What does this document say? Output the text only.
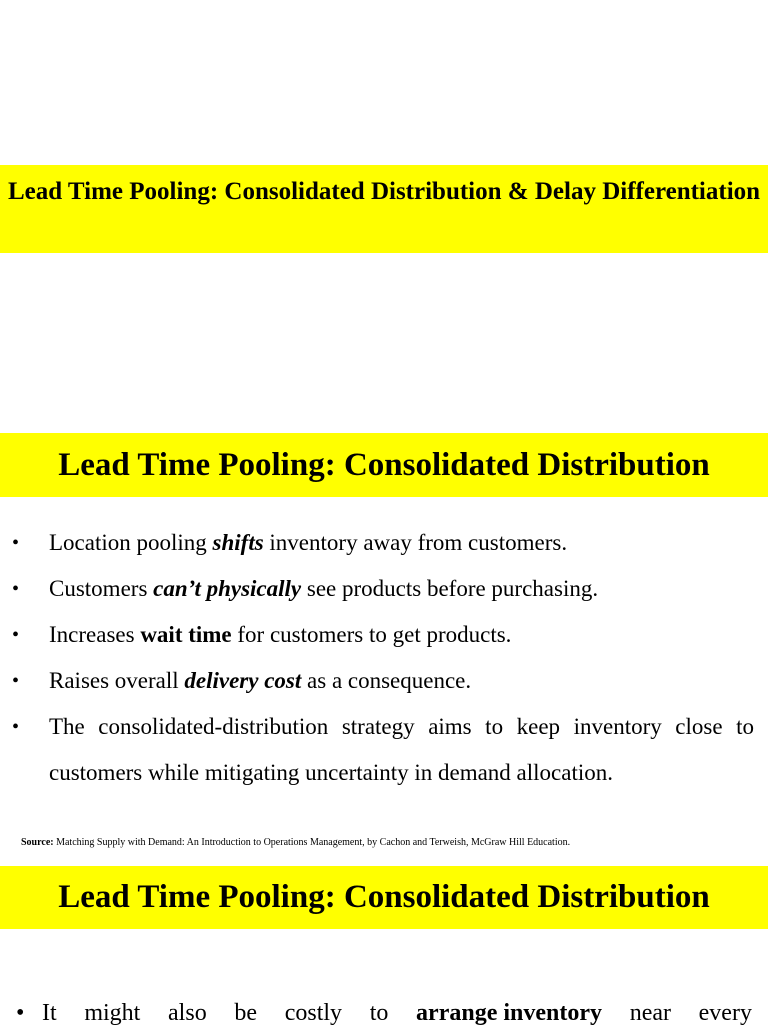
Lead Time Pooling: Consolidated Distribution & Delay Differentiation
Lead Time Pooling: Consolidated Distribution
• Location pooling shifts inventory away from customers.
• Customers can’t physically see products before purchasing.
• Increases wait time for customers to get products.
• Raises overall delivery cost as a consequence.
• The consolidated-distribution strategy aims to keep inventory close to customers while mitigating uncertainty in demand allocation.
Source: Matching Supply with Demand: An Introduction to Operations Management, by Cachon and Terweish, McGraw Hill Education.
Lead Time Pooling: Consolidated Distribution
• It might also be costly to arrange inventory near every
